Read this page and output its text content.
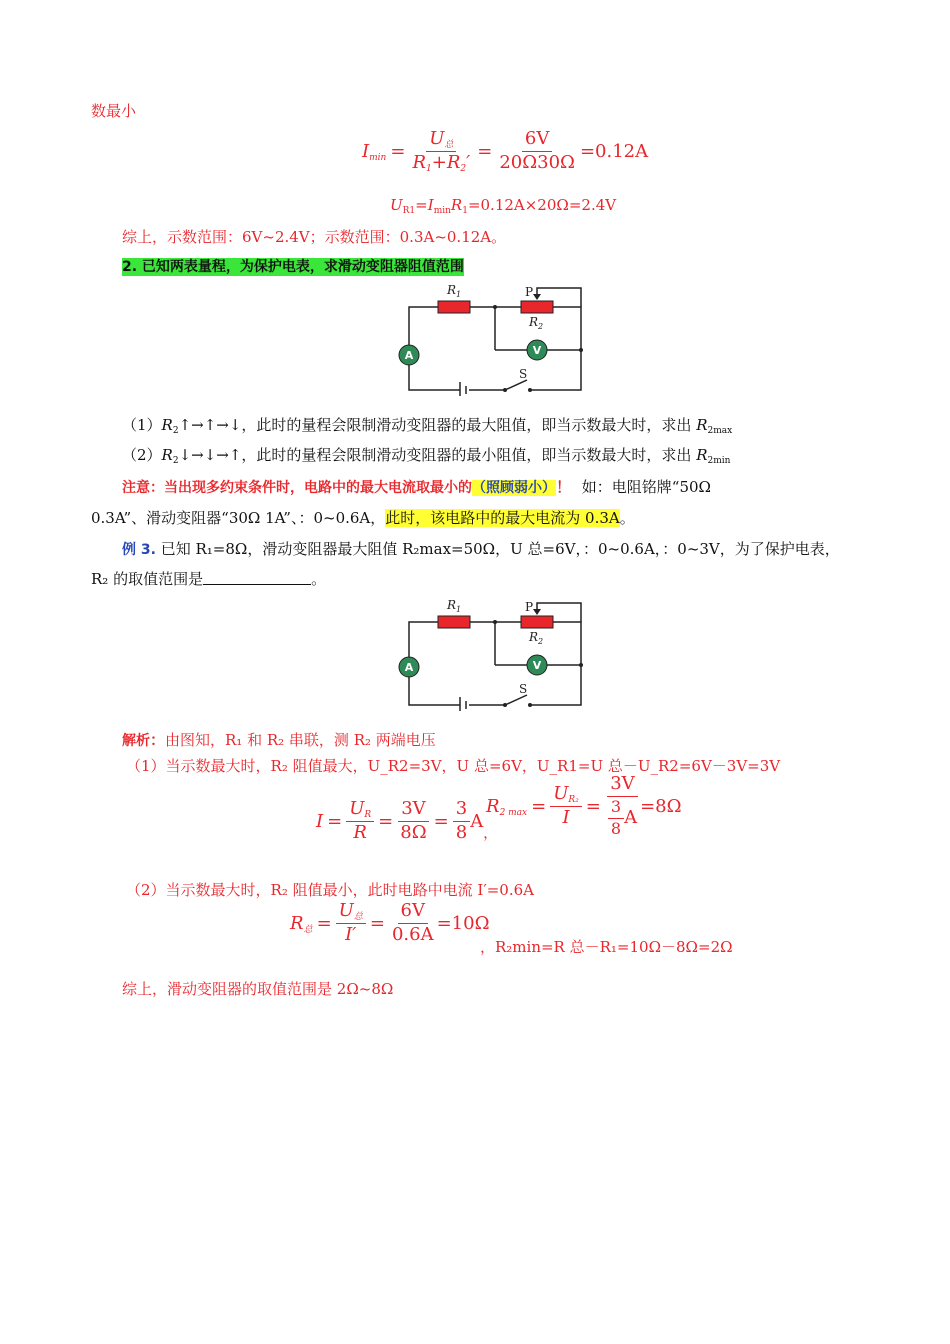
数最小
$I_{min} = \frac{U_总}{R_1+R_2'} = \frac{6V}{20\Omega 30\Omega} =0.12A$
$U_{R1}=I_{min}R_1=0.12A\times 20\Omega=2.4V$
综上，示数范围：6V~2.4V；示数范围：0.3A~0.12A。
2. 已知两表量程，为保护电表，求滑动变阻器阻值范围
$R_1$	P
$R_2$
A	V
S
$(1)R_2↑\to↑\to↓$，此时的量程会限制滑动变阻器的最大阻值，即当示数最大时，求出 $R_{2max}$
$(2)R_2↓\to↓\to↑$，此时的量程会限制滑动变阻器的最小阻值，即当示数最大时，求出 $R_{2min}$
注意：当出现多约束条件时，电路中的最大电流取最小的（照顾弱小）！ 如：电阻铭牌“50Ω
0.3A”、滑动变阻器“30Ω 1A”、：0~0.6A，此时，该电路中的最大电流为 0.3A。
例 3. 已知 R₁=8Ω，滑动变阻器最大阻值 R₂max=50Ω，U 总=6V，：0~0.6A，：0~3V，为了保护电表，
R₂ 的取值范围是	。
$R_1$	P
$R_2$
A	V
S
解析：由图知，R₁ 和 R₂ 串联，测 R₂ 两端电压
（1）当示数最大时，R₂ 阻值最大，U_R2=3V，U 总=6V，U_R1=U 总－U_R2=6V－3V=3V
$I = \frac{U_R}{R} = \frac{3V}{8\Omega} = \frac{3}{8}$ A
，
$R_{2 max} = \frac{U_{R_2}}{I} = \frac{3V}{\frac{3}{8} A} =8\Omega$
（2）当示数最大时，R₂ 阻值最小，此时电路中电流 I′=0.6A
$R_总 = \frac{U_总}{I'} = \frac{6V}{0.6A} =10\Omega$
，R₂min=R 总－R₁=10Ω－8Ω=2Ω
综上，滑动变阻器的取值范围是 2Ω~8Ω
